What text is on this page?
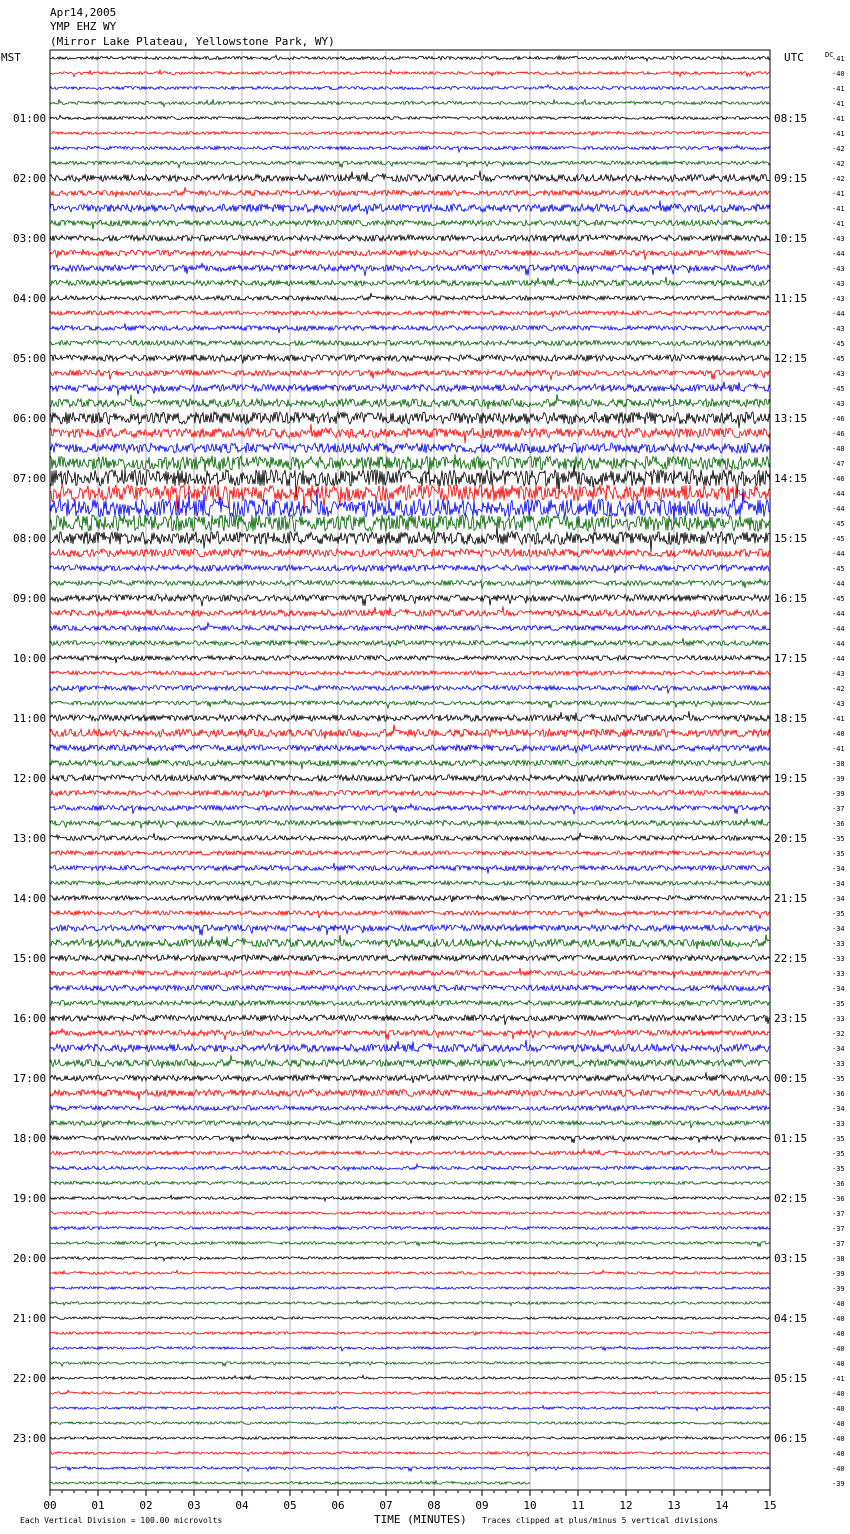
Apr14,2005
YMP EHZ WY
(Mirror Lake Plateau, Yellowstone Park, WY)
MST	UTC	DC
01:00
02:00
03:00
04:00
05:00
06:00
07:00
08:00
09:00
10:00
11:00
12:00
13:00
14:00
15:00
16:00
17:00
18:00
19:00
20:00
21:00
22:00
23:00
08:15
09:15
10:15
11:15
12:15
13:15
14:15
15:15
16:15
17:15
18:15
19:15
20:15
21:15
22:15
23:15
00:15
01:15
02:15
03:15
04:15
05:15
06:15
-41
-40
-41
-41
-41
-41
-42
-42
-42
-41
-41
-41
-43
-44
-43
-43
-43
-44
-43
-45
-45
-43
-45
-43
-46
-46
-48
-47
-46
-44
-44
-45
-45
-44
-45
-44
-45
-44
-44
-44
-44
-43
-42
-43
-41
-40
-41
-38
-39
-39
-37
-36
-35
-35
-34
-34
-34
-35
-34
-33
-33
-33
-34
-35
-33
-32
-34
-33
-35
-36
-34
-33
-35
-35
-35
-36
-36
-37
-37
-37
-38
-39
-39
-40
-40
-40
-40
-40
-41
-40
-40
-40
-40
-40
-40
-39
00	01	02	03	04	05	06	07	08	09	10	11	12	13	14	15
Each Vertical Division = 100.00 microvolts	TIME (MINUTES) Traces clipped at plus/minus 5 vertical divisions
